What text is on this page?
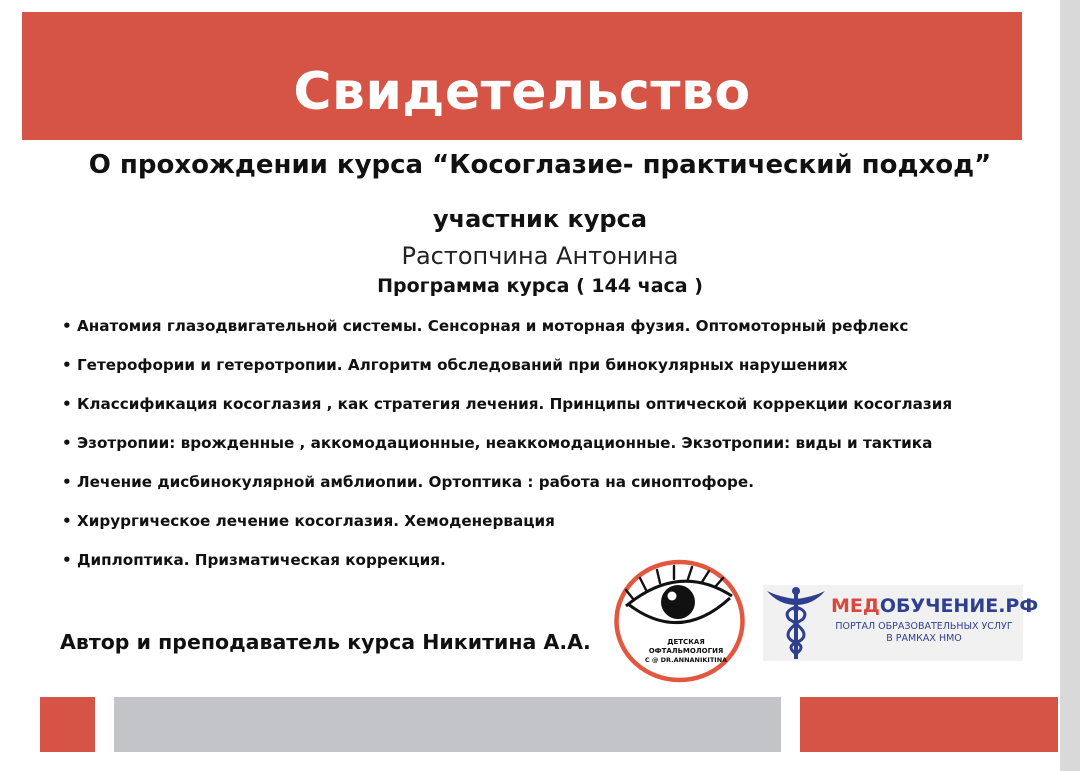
Свидетельство
О прохождении курса “Косоглазие- практический подход”
участник курса
Растопчина Антонина
Программа курса ( 144 часа )
• Анатомия глазодвигательной системы. Сенсорная и моторная фузия. Оптомоторный рефлекс
• Гетерофории и гетеротропии. Алгоритм обследований при бинокулярных нарушениях
• Классификация косоглазия , как стратегия лечения. Принципы оптической коррекции косоглазия
• Эзотропии: врожденные , аккомодационные, неаккомодационные. Экзотропии: виды и тактика
• Лечение дисбинокулярной амблиопии. Ортоптика : работа на синоптофоре.
• Хирургическое лечение косоглазия. Хемоденервация
• Диплоптика. Призматическая коррекция.
Автор и преподаватель курса Никитина А.А.	ДЕТСКАЯ
ОФТАЛЬМОЛОГИЯ
С @ DR.ANNANIKITINA
МЕДОБУЧЕНИЕ.РФ
ПОРТАЛ ОБРАЗОВАТЕЛЬНЫХ УСЛУГ
В РАМКАХ НМО
